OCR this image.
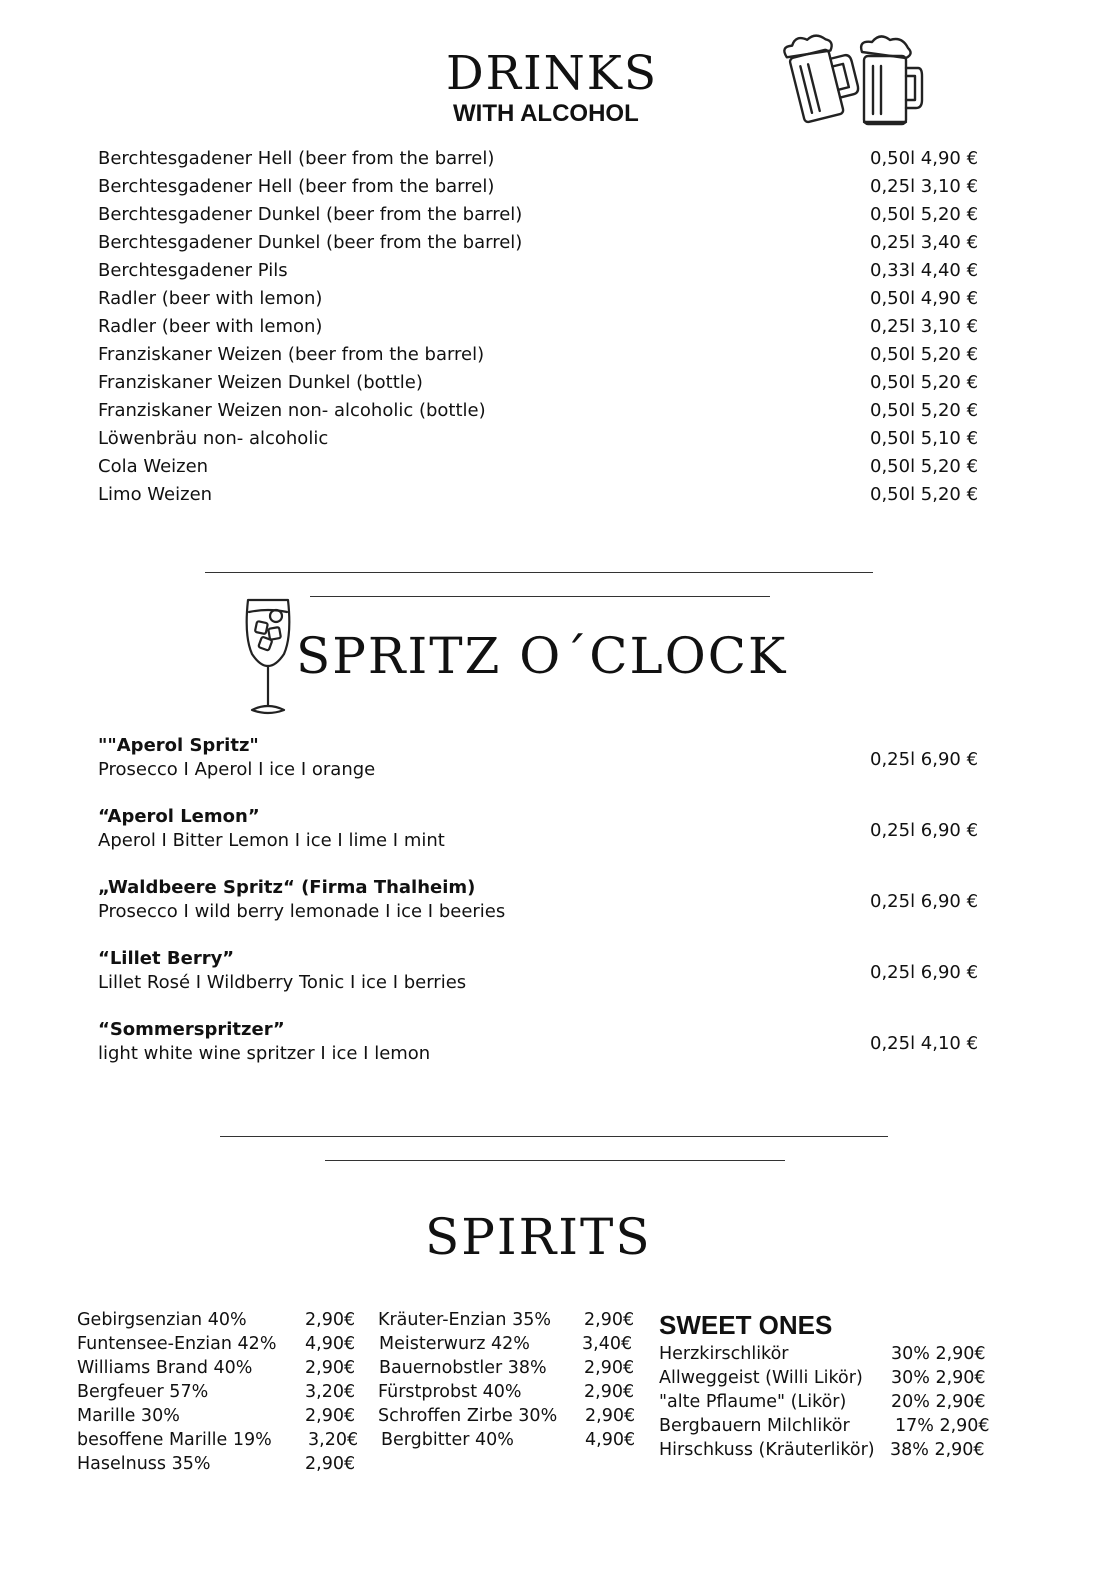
DRINKS
WITH ALCOHOL
Berchtesgadener Hell (beer from the barrel)	0,50l 4,90 €
Berchtesgadener Hell (beer from the barrel)	0,25l 3,10 €
Berchtesgadener Dunkel (beer from the barrel)	0,50l 5,20 €
Berchtesgadener Dunkel (beer from the barrel)	0,25l 3,40 €
Berchtesgadener Pils	0,33l 4,40 €
Radler (beer with lemon)	0,50l 4,90 €
Radler (beer with lemon)	0,25l 3,10 €
Franziskaner Weizen (beer from the barrel)	0,50l 5,20 €
Franziskaner Weizen Dunkel (bottle)	0,50l 5,20 €
Franziskaner Weizen non- alcoholic (bottle)	0,50l 5,20 €
Löwenbräu non- alcoholic	0,50l 5,10 €
Cola Weizen	0,50l 5,20 €
Limo Weizen	0,50l 5,20 €
SPRITZ O´CLOCK
""Aperol Spritz"
Prosecco I Aperol I ice I orange	0,25l 6,90 €
“Aperol Lemon”
Aperol I Bitter Lemon I ice I lime I mint	0,25l 6,90 €
„Waldbeere Spritz“ (Firma Thalheim)
Prosecco I wild berry lemonade I ice I beeries	0,25l 6,90 €
“Lillet Berry”
Lillet Rosé I Wildberry Tonic I ice I berries	0,25l 6,90 €
“Sommerspritzer”
light white wine spritzer I ice I lemon	0,25l 4,10 €
SPIRITS
Gebirgsenzian 40%	2,90€
Funtensee-Enzian 42% 4,90€
Williams Brand 40%	2,90€
Bergfeuer 57%	3,20€
Marille 30%	2,90€
besoffene Marille 19% 3,20€
Haselnuss 35%	2,90€
Kräuter-Enzian 35% 2,90€
Meisterwurz 42%	3,40€
Bauernobstler 38% 2,90€
Fürstprobst 40%	2,90€
Schroffen Zirbe 30% 2,90€
Bergbitter 40%	4,90€
SWEET ONES
Herzkirschlikör	30% 2,90€
Allweggeist (Willi Likör) 30% 2,90€
"alte Pflaume" (Likör)	20% 2,90€
Bergbauern Milchlikör	17% 2,90€
Hirschkuss (Kräuterlikör) 38% 2,90€
